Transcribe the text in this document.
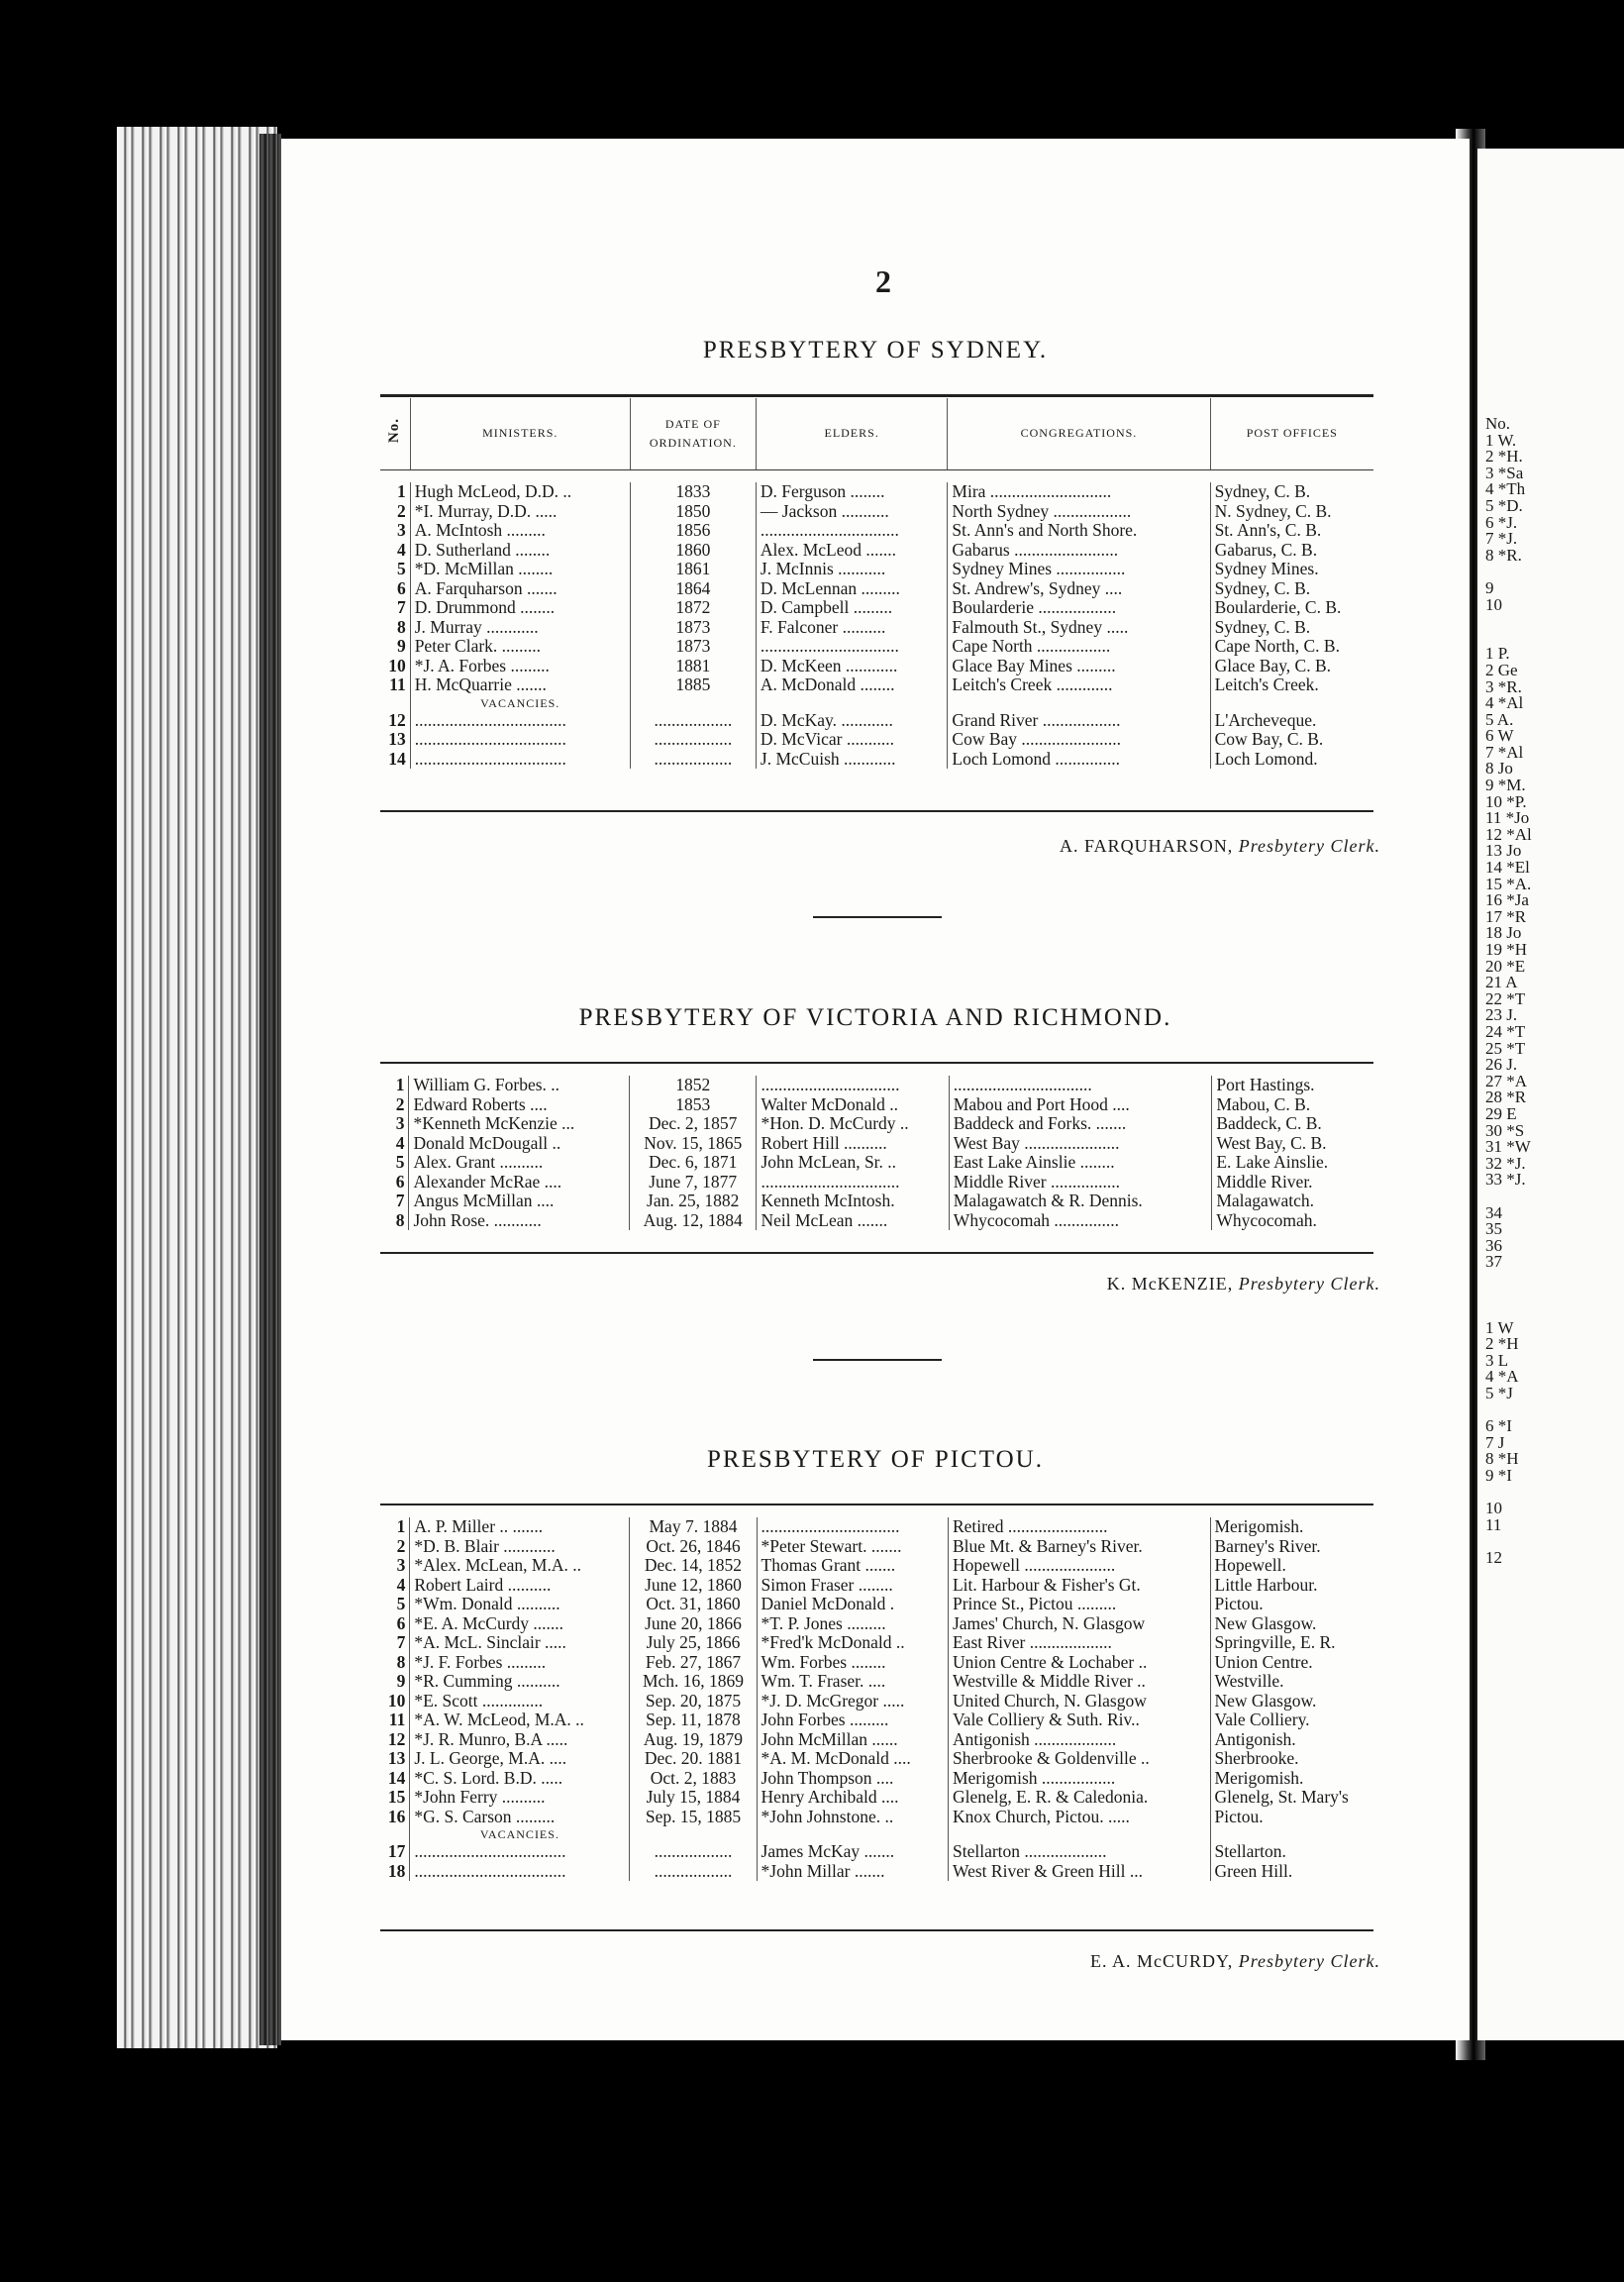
No.
1 W.
2 *H.
3 *Sa
4 *Th
5 *D.
6 *J.
7 *J.
8 *R.

9
10

1 P.
2 Ge
3 *R.
4 *Al
5 A.
6 W
7 *Al
8 Jo
9 *M.
10 *P.
11 *Jo
12 *Al
13 Jo
14 *El
15 *A.
16 *Ja
17 *R
18 Jo
19 *H
20 *E
21 A
22 *T
23 J.
24 *T
25 *T
26 J.
27 *A
28 *R
29 E
30 *S
31 *W
32 *J.
33 *J.

34
35
36
37

1 W
2 *H
3 L
4 *A
5 *J

6 *I
7 J
8 *H
9 *I

10
11

12
2
PRESBYTERY OF SYDNEY.
No.	MINISTERS.	DATE OF ORDINATION.	ELDERS.	CONGREGATIONS.	POST OFFICES

1	Hugh McLeod, D.D. ..	1833	D. Ferguson ........	Mira ............................	Sydney, C. B.
2	*I. Murray, D.D. .....	1850	— Jackson ...........	North Sydney ..................	N. Sydney, C. B.
3	A. McIntosh .........	1856	................................	St. Ann's and North Shore.	St. Ann's, C. B.
4	D. Sutherland ........	1860	Alex. McLeod .......	Gabarus ........................	Gabarus, C. B.
5	*D. McMillan ........	1861	J. McInnis ...........	Sydney Mines ................	Sydney Mines.
6	A. Farquharson .......	1864	D. McLennan .........	St. Andrew's, Sydney ....	Sydney, C. B.
7	D. Drummond ........	1872	D. Campbell .........	Boularderie ..................	Boularderie, C. B.
8	J. Murray ............	1873	F. Falconer ..........	Falmouth St., Sydney .....	Sydney, C. B.
9	Peter Clark. .........	1873	................................	Cape North .................	Cape North, C. B.
10	*J. A. Forbes .........	1881	D. McKeen ............	Glace Bay Mines .........	Glace Bay, C. B.
11	H. McQuarrie .......	1885	A. McDonald ........	Leitch's Creek .............	Leitch's Creek.
	VACANCIES.				
12	...................................	..................	D. McKay. ............	Grand River ..................	L'Archeveque.
13	...................................	..................	D. McVicar ...........	Cow Bay .......................	Cow Bay, C. B.
14	...................................	..................	J. McCuish ............	Loch Lomond ...............	Loch Lomond.
A. FARQUHARSON, Presbytery Clerk.
PRESBYTERY OF VICTORIA AND RICHMOND.
1	William G. Forbes. ..	1852	................................	................................	Port Hastings.
2	Edward Roberts ....	1853	Walter McDonald ..	Mabou and Port Hood ....	Mabou, C. B.
3	*Kenneth McKenzie ...	Dec. 2, 1857	*Hon. D. McCurdy ..	Baddeck and Forks. .......	Baddeck, C. B.
4	Donald McDougall ..	Nov. 15, 1865	Robert Hill ..........	West Bay ......................	West Bay, C. B.
5	Alex. Grant ..........	Dec. 6, 1871	John McLean, Sr. ..	East Lake Ainslie ........	E. Lake Ainslie.
6	Alexander McRae ....	June 7, 1877	................................	Middle River ................	Middle River.
7	Angus McMillan ....	Jan. 25, 1882	Kenneth McIntosh.	Malagawatch & R. Dennis.	Malagawatch.
8	John Rose. ...........	Aug. 12, 1884	Neil McLean .......	Whycocomah ...............	Whycocomah.
K. McKENZIE, Presbytery Clerk.
PRESBYTERY OF PICTOU.
1	A. P. Miller .. .......	May 7. 1884	................................	Retired .......................	Merigomish.
2	*D. B. Blair ............	Oct. 26, 1846	*Peter Stewart. .......	Blue Mt. & Barney's River.	Barney's River.
3	*Alex. McLean, M.A. ..	Dec. 14, 1852	Thomas Grant .......	Hopewell .....................	Hopewell.
4	Robert Laird ..........	June 12, 1860	Simon Fraser ........	Lit. Harbour & Fisher's Gt.	Little Harbour.
5	*Wm. Donald ..........	Oct. 31, 1860	Daniel McDonald .	Prince St., Pictou .........	Pictou.
6	*E. A. McCurdy .......	June 20, 1866	*T. P. Jones .........	James' Church, N. Glasgow	New Glasgow.
7	*A. McL. Sinclair .....	July 25, 1866	*Fred'k McDonald ..	East River ...................	Springville, E. R.
8	*J. F. Forbes .........	Feb. 27, 1867	Wm. Forbes ........	Union Centre & Lochaber ..	Union Centre.
9	*R. Cumming ..........	Mch. 16, 1869	Wm. T. Fraser. ....	Westville & Middle River ..	Westville.
10	*E. Scott ..............	Sep. 20, 1875	*J. D. McGregor .....	United Church, N. Glasgow	New Glasgow.
11	*A. W. McLeod, M.A. ..	Sep. 11, 1878	John Forbes .........	Vale Colliery & Suth. Riv..	Vale Colliery.
12	*J. R. Munro, B.A .....	Aug. 19, 1879	John McMillan ......	Antigonish ...................	Antigonish.
13	J. L. George, M.A. ....	Dec. 20. 1881	*A. M. McDonald ....	Sherbrooke & Goldenville ..	Sherbrooke.
14	*C. S. Lord. B.D. .....	Oct. 2, 1883	John Thompson ....	Merigomish .................	Merigomish.
15	*John Ferry ..........	July 15, 1884	Henry Archibald ....	Glenelg, E. R. & Caledonia.	Glenelg, St. Mary's
16	*G. S. Carson .........	Sep. 15, 1885	*John Johnstone. ..	Knox Church, Pictou. .....	Pictou.
	VACANCIES.				
17	...................................	..................	James McKay .......	Stellarton ...................	Stellarton.
18	...................................	..................	*John Millar .......	West River & Green Hill ...	Green Hill.
E. A. McCURDY, Presbytery Clerk.
